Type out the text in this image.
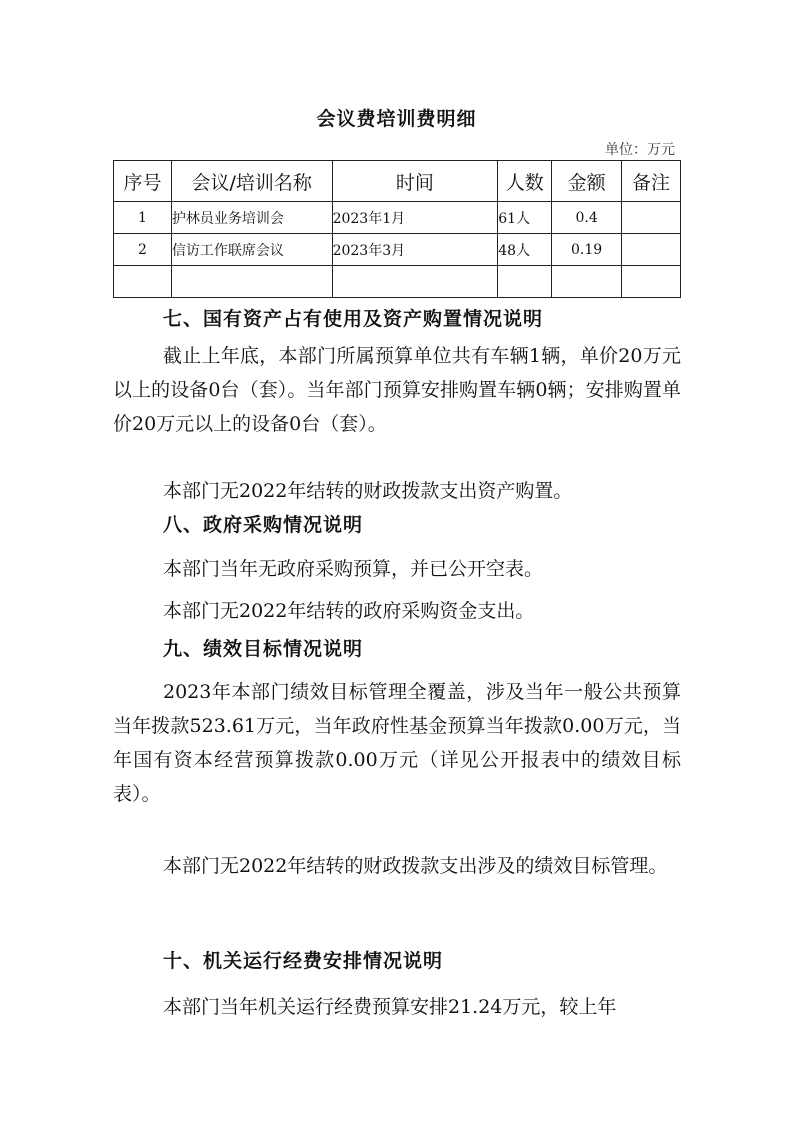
会议费培训费明细
单位：万元
序号	会议/培训名称	时间	人数	金额	备注
1	护林员业务培训会	2023年1月	61人	0.4	
2	信访工作联席会议	2023年3月	48人	0.19	

七、国有资产占有使用及资产购置情况说明
截止上年底，本部门所属预算单位共有车辆1辆，单价20万元以上的设备0台（套）。当年部门预算安排购置车辆0辆；安排购置单价20万元以上的设备0台（套）。
本部门无2022年结转的财政拨款支出资产购置。
八、政府采购情况说明
本部门当年无政府采购预算，并已公开空表。
本部门无2022年结转的政府采购资金支出。
九、绩效目标情况说明
2023年本部门绩效目标管理全覆盖，涉及当年一般公共预算当年拨款523.61万元，当年政府性基金预算当年拨款0.00万元，当年国有资本经营预算拨款0.00万元（详见公开报表中的绩效目标表）。
本部门无2022年结转的财政拨款支出涉及的绩效目标管理。
十、机关运行经费安排情况说明
本部门当年机关运行经费预算安排21.24万元，较上年
